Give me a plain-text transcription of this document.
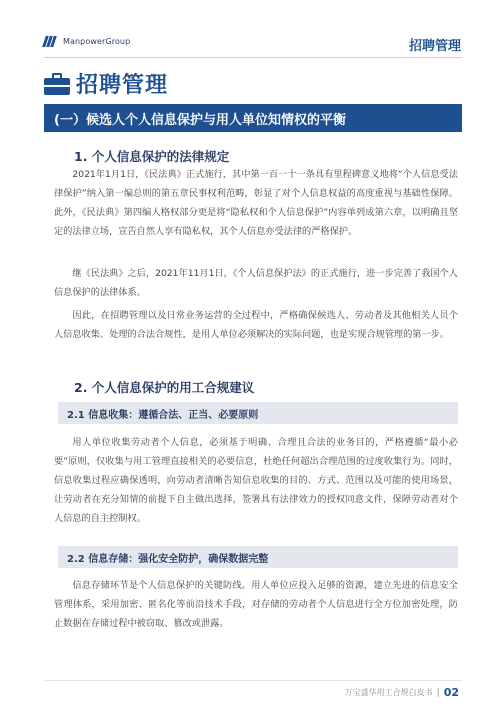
ManpowerGroup	招聘管理
招聘管理
(一）候选人个人信息保护与用人单位知情权的平衡
1. 个人信息保护的法律规定

2021年1月1日，《民法典》正式施行，其中第一百一十一条具有里程碑意义地将“个人信息受法律保护”纳入第一编总则的第五章民事权利范畴，彰显了对个人信息权益的高度重视与基础性保障。此外，《民法典》第四编人格权部分更是将“隐私权和个人信息保护”内容单列成第六章，以明确且坚定的法律立场，宣告自然人享有隐私权，其个人信息亦受法律的严格保护。

继《民法典》之后，2021年11月1日，《个人信息保护法》的正式施行，进一步完善了我国个人信息保护的法律体系。

因此，在招聘管理以及日常业务运营的全过程中，严格确保候选人、劳动者及其他相关人员个人信息收集、处理的合法合规性，是用人单位必须解决的实际问题，也是实现合规管理的第一步。

2. 个人信息保护的用工合规建议
2.1 信息收集：遵循合法、正当、必要原则

用人单位收集劳动者个人信息，必须基于明确、合理且合法的业务目的，严格遵循“最小必要”原则，仅收集与用工管理直接相关的必要信息，杜绝任何超出合理范围的过度收集行为。同时，信息收集过程应确保透明，向劳动者清晰告知信息收集的目的、方式、范围以及可能的使用场景，让劳动者在充分知情的前提下自主做出选择，签署具有法律效力的授权同意文件，保障劳动者对个人信息的自主控制权。

2.2 信息存储：强化安全防护，确保数据完整

信息存储环节是个人信息保护的关键防线。用人单位应投入足够的资源，建立先进的信息安全管理体系，采用加密、匿名化等前沿技术手段，对存储的劳动者个人信息进行全方位加密处理，防止数据在存储过程中被窃取、篡改或泄露。

万宝盛华用工合规白皮书 | 02
